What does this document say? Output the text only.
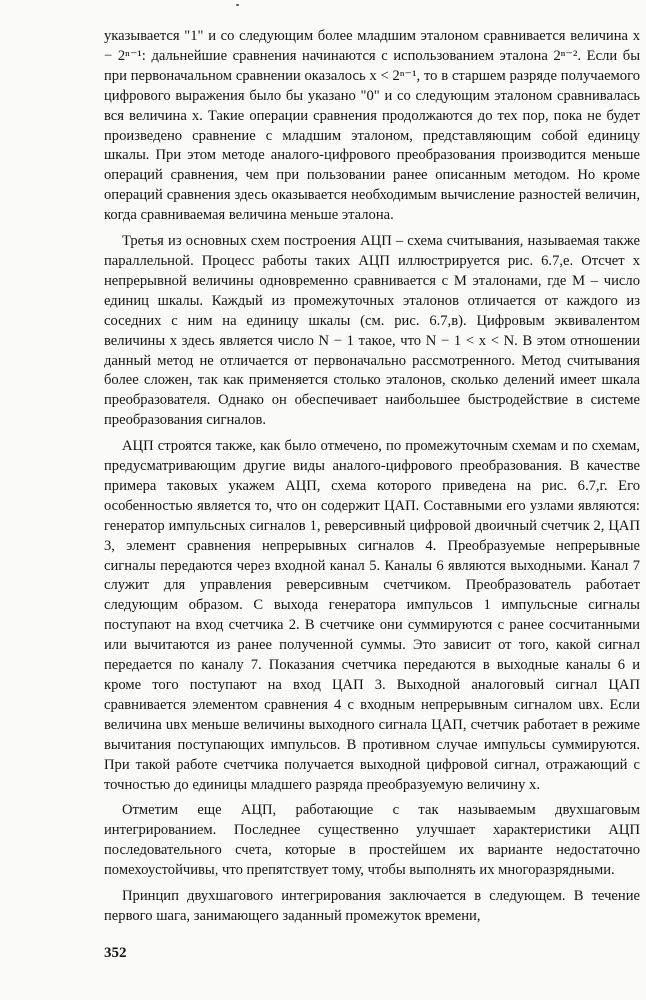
указывается "1" и со следующим более младшим эталоном сравнивается величина x − 2ⁿ⁻¹: дальнейшие сравнения начинаются с использованием эталона 2ⁿ⁻². Если бы при первоначальном сравнении оказалось x < 2ⁿ⁻¹, то в старшем разряде получаемого цифрового выражения было бы указано "0" и со следующим эталоном сравнивалась вся величина x. Такие операции сравнения продолжаются до тех пор, пока не будет произведено сравнение с младшим эталоном, представляющим собой единицу шкалы. При этом методе аналого-цифрового преобразования производится меньше операций сравнения, чем при пользовании ранее описанным методом. Но кроме операций сравнения здесь оказывается необходимым вычисление разностей величин, когда сравниваемая величина меньше эталона.

Третья из основных схем построения АЦП – схема считывания, называемая также параллельной. Процесс работы таких АЦП иллюстрируется рис. 6.7,е. Отсчет x непрерывной величины одновременно сравнивается с M эталонами, где M – число единиц шкалы. Каждый из промежуточных эталонов отличается от каждого из соседних с ним на единицу шкалы (см. рис. 6.7,в). Цифровым эквивалентом величины x здесь является число N − 1 такое, что N − 1 < x < N. В этом отношении данный метод не отличается от первоначально рассмотренного. Метод считывания более сложен, так как применяется столько эталонов, сколько делений имеет шкала преобразователя. Однако он обеспечивает наибольшее быстродействие в системе преобразования сигналов.

АЦП строятся также, как было отмечено, по промежуточным схемам и по схемам, предусматривающим другие виды аналого-цифрового преобразования. В качестве примера таковых укажем АЦП, схема которого приведена на рис. 6.7,г. Его особенностью является то, что он содержит ЦАП. Составными его узлами являются: генератор импульсных сигналов 1, реверсивный цифровой двоичный счетчик 2, ЦАП 3, элемент сравнения непрерывных сигналов 4. Преобразуемые непрерывные сигналы передаются через входной канал 5. Каналы 6 являются выходными. Канал 7 служит для управления реверсивным счетчиком. Преобразователь работает следующим образом. С выхода генератора импульсов 1 импульсные сигналы поступают на вход счетчика 2. В счетчике они суммируются с ранее сосчитанными или вычитаются из ранее полученной суммы. Это зависит от того, какой сигнал передается по каналу 7. Показания счетчика передаются в выходные каналы 6 и кроме того поступают на вход ЦАП 3. Выходной аналоговый сигнал ЦАП сравнивается элементом сравнения 4 с входным непрерывным сигналом uвх. Если величина uвх меньше величины выходного сигнала ЦАП, счетчик работает в режиме вычитания поступающих импульсов. В противном случае импульсы суммируются. При такой работе счетчика получается выходной цифровой сигнал, отражающий с точностью до единицы младшего разряда преобразуемую величину x.

Отметим еще АЦП, работающие с так называемым двухшаговым интегрированием. Последнее существенно улучшает характеристики АЦП последовательного счета, которые в простейшем их варианте недостаточно помехоустойчивы, что препятствует тому, чтобы выполнять их многоразрядными.

Принцип двухшагового интегрирования заключается в следующем. В течение первого шага, занимающего заданный промежуток времени,

352
